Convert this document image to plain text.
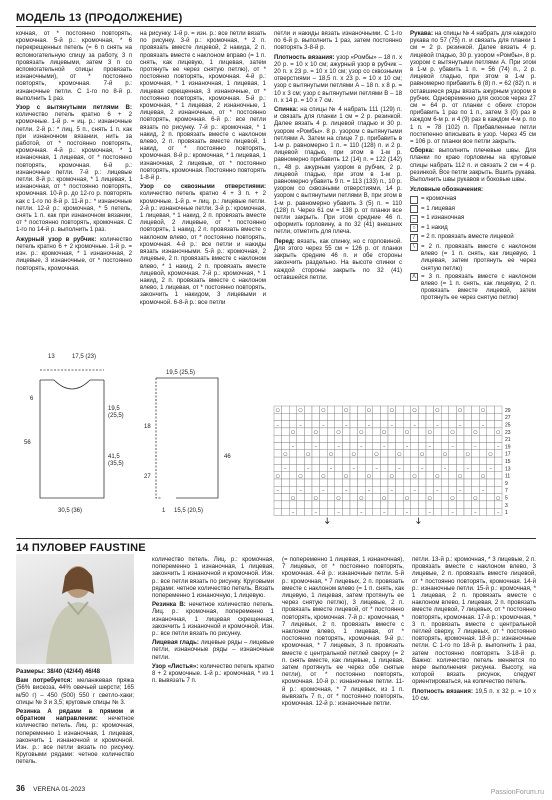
МОДЕЛЬ 13 (ПРОДОЛЖЕНИЕ)

кочная, от * постоянно повторять, кромочная. 5-й р.: кромочная, * 6 перекрещенных петель (= 6 п снять на вспомогательную спицу за работу, 3 п провязать лицевыми, затем 3 п со вспомогательной спицы провязать изнаночными), от * постоянно повторять, кромочная. 7-й р.: изнаночные петли. С 1-го по 8-й р. выполнить 1 раз.

Узор с вытянутыми петлями В: количество петель кратно 6 + 2 кромочные. 1-й р. = иц. р.: изнаночные петли. 2-й р.: * лиц. 5 п., снять 1 п. как при изнаночном вязании, нить за работой, от * постоянно повторять, кромочная. 4-й р.: кромочная, * 1 изнаночная, 1 лицевая, от * постоянно повторять, кромочная. 6-й р.: изнаночные петли. 7-й р.: лицевые петли. 8-й р.: кромочная, * 1 лицевая, 1 изнаночная, от * постоянно повторять, кромочная. 10-й р. до 12-го р. повторять как с 1-го по 8-й р. 11-й р.: * изнаночные петли. 12-й р.: кромочная, * 5 петель, снять 1 п. как при изнаночном вязании, от * постоянно повторять, кромочная. С 1-го по 14-й р. выполнить 1 раз.

Ажурный узор в рубчик: количество петель кратно 6 + 2 кромочные. 1-й р. = изн. р.: кромочная, * 1 изнаночная, 2 лицевые, 3 изнаночные, от * постоянно повторять, кромочная.

на рисунку. 1-й р. = изн. р.: все петли вязать по рисунку. 3-й р.: кромочная, * 2 п. провязать вместе лицевой, 2 накида, 2 п. провязать вместе с наклоном вправо (= 1 п. снять, как лицевую, 1 лицевая, затем протянуть ее через снятую петлю), от * постоянно повторять, кромочная. 4-й р.: кромочная, * 1 изнаночная, 1 лицевая, 1 лицевая скрещенная, 3 изнаночные, от * постоянно повторять, кромочная. 5-й р.: кромочная, * 1 лицевая, 2 изнаночные, 1 лицевая, 2 изнаночные, от * постоянно повторять, кромочная. 6-й р.: все петли вязать по рисунку. 7-й р.: кромочная, * 1 накид, 2 п. провязать вместе с наклоном влево, 2 п. провязать вместе лицевой, 1 накид, от * постоянно повторять, кромочная. 8-й р.: кромочная, * 1 лицевая, 1 изнаночная, 2 лицевые, от * постоянно повторять, кромочная. Постоянно повторять 1-8-й р.

Узор со сквозными отверстиями: количество петель кратно 4 + 3 п. + 2 кромочные. 1-й р. = лиц. р.: лицевые петли. 2-й р.: изнаночные петли. 3-й р.: кромочная, 1 лицевая, * 1 накид, 2 п. провязать вместе лицевой, 2 лицевые, от * постоянно повторять, 1 накид, 2 п. провязать вместе с наклоном влево, от * постоянно повторять, кромочная. 4-й р.: все петли и накиды вязать изнаночными. 5-й р.: кромочная, 2 лицевые, 2 п. провязать вместе с наклоном влево, * 1 накид, 2 п. провязать вместе лицевой, кромочная. 7-й р.: кромочная, * 1 накид, 2 п. провязать вместе с наклоном влево, 1 лицевая, от * постоянно повторять, закончить 1 накидом, 3 лицевыми и кромочной. 6-8-й р.: все петли

петли и накиды вязать изнаночными. С 1-го по 6-й р. выполнить 1 раз, затем постоянно повторять 3-8-й р.

Плотность вязания: узор «Ромбы» – 18 п. х 20 р. = 10 х 10 см; ажурный узор в рубчик – 20 п. х 23 р. = 10 х 10 см; узор со сквозными отверстиями – 18,5 п. х 23 р. = 10 х 10 см; узор с вытянутыми петлями А – 18 п. х 8 р. = 10 х 3 см; узор с вытянутыми петлями В – 18 п. х 14 р. = 10 х 7 см.

Спинка: на спицы № 4 набрать 111 (129) п. и связать для планки 1 см = 2 р. резинкой. Далее вязать 4 р. лицевой гладью и 30 р. узором «Ромбы». 8 р. узором с вытянутыми петлями А. Затем на спице 7 р. прибавить в 1-м р. равномерно 1 п. = 110 (128) п. и 2 р. лицевой гладью, при этом в 1-м р. равномерно прибавить 12 (14) п. = 122 (142) п., 48 р. ажурным узором в рубчик, 2 р. лицевой гладью, при этом в 1-м р. равномерно убавить 9 п. = 113 (133) п., 10 р. узором со сквозными отверстиями, 14 р. узором с вытянутыми петлями В, при этом в 1-м р. равномерно убавить 3 (5) п. = 110 (128) п. Через 61 см = 138 р. от планки все петли закрыть. При этом средние 46 п. оформить горловину, а по 32 (41) внешних петли, отметить для плеча.

Перед: вязать, как спинку, но с горловиной. Для этого через 55 см = 126 р. от планки закрыть средние 46 п. и обе стороны закончить раздельно. На высоте спинки с каждой стороны закрыть по 32 (41) оставшейся петли.

Рукава: на спицы № 4 набрать для каждого рукава по 57 (75) п. и связать для планки 1 см = 2 р. резинкой. Далее вязать 4 р. лицевой гладью, 30 р. узором «Ромбы», 8 р. узором с вытянутыми петлями А. При этом в 1-м р. убавить 1 п. = 56 (74) п., 2 р. лицевой гладью, при этом в 1-м р. равномерно прибавить 6 (8) п. = 62 (82) п. и оставшиеся ряды вязать ажурным узором в рубчик. Одновременно для скосов через 27 см = 64 р. от планки с обеих сторон прибавить 1 раз по 1 п., затем 3 (0) раз в каждом 6-м р. и 4 (9) раз в каждом 4-м р. по 1 п. = 78 (102) п. Прибавленные петли постепенно вписывать в узор. Через 45 см = 106 р. от планки все петли закрыть.

Сборка: выполнить плечевые швы. Для планки по краю горловины на круговые спицы набрать 112 п. и связать 2 см = 4 р. резинкой. Все петли закрыть. Вшить рукава. Выполнить швы рукавов и боковые швы.

Условные обозначения:

= кромочная
= 1 лицевая
– = 1 изнаночная
○ = 1 накид
/	= 2 п. провязать вместе лицевой
\	= 2 п. провязать вместе с наклоном влево (= 1 п. снять, как лицевую, 1 лицевая, затем протянуть ее через снятую петлю)
Λ = 3 п. провязать вместе с наклоном влево (= 1 п. снять, как лицевую, 2 п. провязать вместе лицевой, затем протянуть ее через снятую петлю)
13	17,5 (23)
6
56
41,5
(35,5)
19,5
(25,5)
30,5 (36)
19,5 (25,5)
18
27
46
15,5 (20,5)
1
○	○	○	○	○	○	○	○	○	○
–	–	–	–	–	–	–	–	–	–
○	○	○	○	○	○	○	○	○	○
–	–	–	–	–	–	–	–	–	–
○	○	○	○	○	○	○	○	○	○
–	–	–	–	–	–	–	–	–	–
○	○	○	○	○	○	○	○	○	○
–	–	–	–	–	–	–	–	–	–
○	○	○	○	○	○	○	○	○	○
–	–	–	–	–	–	–	–	–	–
29
27
25
23
21
19
17
15
13
11
9
7
5
3
1
14 ПУЛОВЕР FAUSTINE

Размеры: 38/40 (42/44) 46/48

Вам потребуется: меланжевая пряжа (56% вискоза, 44% овечьей шерсти; 165 м/50 г) – 450 (500) 550 г светло-хаки; спицы № 3 и 3,5; круговые спицы № 3.

Резинка А рядами в прямом и обратном направлении: нечетное количество петель. Лиц. р.: кромочная, попеременно 1 изнаночная, 1 лицевая, закончить 1 изнаночной и кромочной. Изн. р.: все петли вязать по рисунку. Круговыми рядами: четное количество петель.

количество петель. Лиц. р.: кромочная, попеременно 1 изнаночная, 1 лицевая, закончить 1 изнаночной и кромочной. Изн. р.: все петли вязать по рисунку. Круговыми рядами: четное количество петель. Вязать попеременно 1 изнаночную, 1 лицевую.

Резинка В: нечетное количество петель. Лиц. р.: кромочная, попеременно 1 изнаночная, 1 лицевая скрещенная, закончить 1 изнаночной и кромочной. Изн. р.: все петли вязать по рисунку.

Лицевая гладь: лицевые ряды – лицевые петли, изнаночные ряды – изнаночные петли.

Узор «Листья»: количество петель кратно 8 + 2 кромочные. 1-й р.: кромочная, * из 1 п. вывязать 7 п.

(= попеременно 1 лицевая, 1 изнаночная), 7 лицевых, от * постоянно повторять, кромочная. 4-й р.: изнаночные петли. 5-й р.: кромочная, * 7 лицевых, 2 п. провязать вместе с наклоном влево (= 1 п. снять, как лицевую, 1 лицевая, затем протянуть ее через снятую петлю), 3 лицевые, 2 п. провязать вместе лицевой, от * постоянно повторять, кромочная. 7-й р.: кромочная, * 7 лицевых, 2 п. провязать вместе с наклоном влево, 1 лицевая, от * постоянно повторять, кромочная. 9-й р.: кромочная, * 7 лицевых, 3 п. провязать вместе с центральной петлей сверху (= 2 п. снять вместе, как лицевые, 1 лицевая, затем протянуть ее через обе снятые петли), от * постоянно повторять, кромочная. 10-й р.: изнаночные петли. 11-й р.: кромочная, * 7 лицевых, из 1 п. вывязать 7 п., от * постоянно повторять, кромочная. 12-й р.: изнаночные петли.

петли. 13-й р.: кромочная, * 3 лицевые, 2 п. провязать вместе с наклоном влево, 3 лицевые, 2 п. провязать вместе лицевой, от * постоянно повторять, кромочная. 14-й р.: изнаночные петли. 15-й р.: кромочная, * 1 лицевая, 2 п. провязать вместе с наклоном влево, 1 лицевая, 2 п. провязать вместе лицевой, 7 лицевых, от * постоянно повторять, кромочная. 17-й р.: кромочная, * 3 п. провязать вместе с центральной петлей сверху, 7 лицевых, от * постоянно повторять, кромочная. 18-й р.: изнаночные петли. С 1-го по 18-й р. выполнить 1 раз, затем постоянно повторять 3-18-й р. Важно: количество петель меняется по мере выполнения рисунка. Высоту, на которой вязать рисунок, следует ориентироваться, на количество петель.

Плотность вязания: 19,5 п. х 32 р. = 10 х 10 см.

36 VERENA 01-2023	PassionForum.ru
